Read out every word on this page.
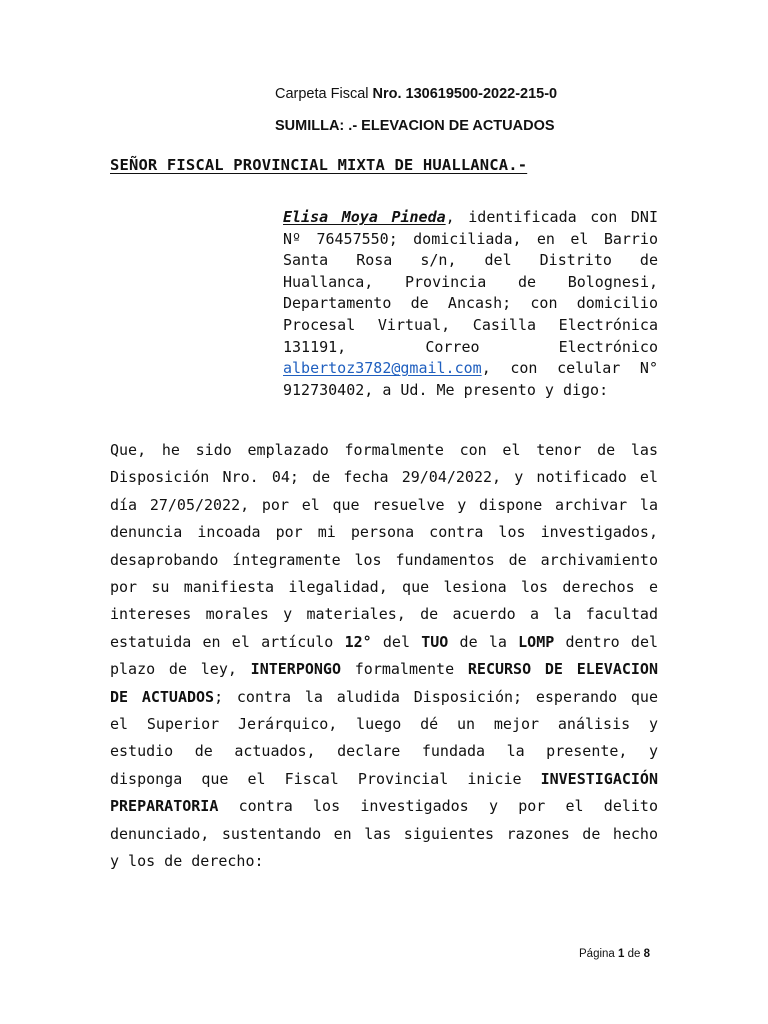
Carpeta Fiscal Nro. 130619500-2022-215-0
SUMILLA: .- ELEVACION DE ACTUADOS
SEÑOR FISCAL PROVINCIAL MIXTA DE HUALLANCA.-
Elisa Moya Pineda, identificada con DNI
Nº 76457550; domiciliada, en el Barrio
Santa Rosa s/n, del Distrito de
Huallanca, Provincia de Bolognesi,
Departamento de Ancash; con domicilio
Procesal Virtual, Casilla Electrónica
131191, Correo Electrónico
albertoz3782@gmail.com, con celular N°
912730402, a Ud. Me presento y digo:
Que, he sido emplazado formalmente con el tenor de las
Disposición Nro. 04; de fecha 29/04/2022, y notificado el
día 27/05/2022, por el que resuelve y dispone archivar la
denuncia incoada por mi persona contra los investigados,
desaprobando íntegramente los fundamentos de archivamiento
por su manifiesta ilegalidad, que lesiona los derechos e
intereses morales y materiales, de acuerdo a la facultad
estatuida en el artículo 12° del TUO de la LOMP dentro del
plazo de ley, INTERPONGO formalmente RECURSO DE ELEVACION
DE ACTUADOS; contra la aludida Disposición; esperando que
el Superior Jerárquico, luego dé un mejor análisis y
estudio de actuados, declare fundada la presente, y
disponga que el Fiscal Provincial inicie INVESTIGACIÓN
PREPARATORIA contra los investigados y por el delito
denunciado, sustentando en las siguientes razones de hecho
y los de derecho:
Página 1 de 8
